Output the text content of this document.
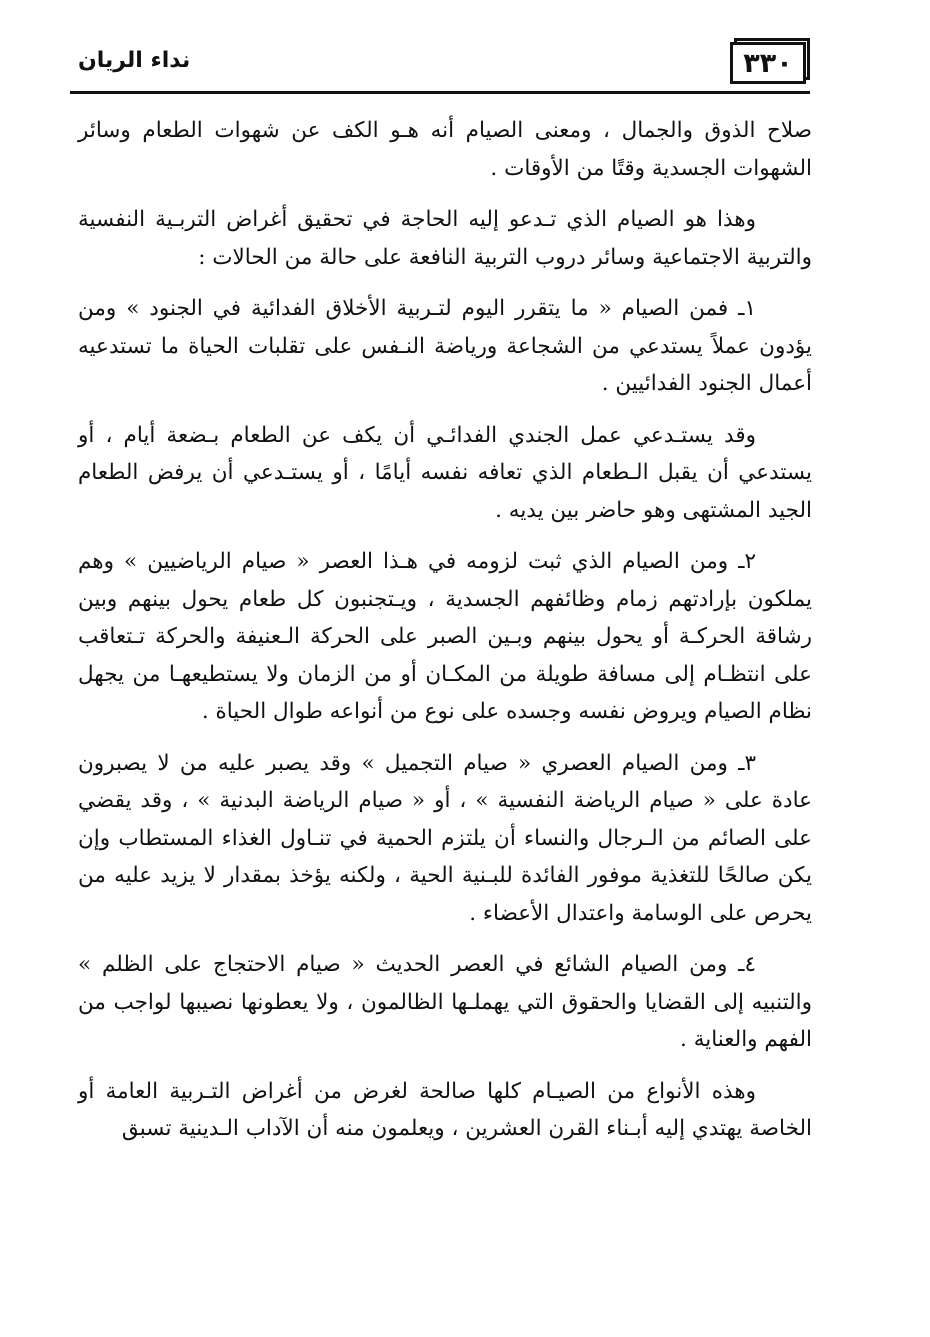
٣٣٠
نداء الريان

صلاح الذوق والجمال ، ومعنى الصيام أنه هـو الكف عن شهوات الطعام وسائر الشهوات الجسدية وقتًا من الأوقات .

وهذا هو الصيام الذي تـدعو إليه الحاجة في تحقيق أغراض التربـية النفسية والتربية الاجتماعية وسائر دروب التربية النافعة على حالة من الحالات :

١ـ فمن الصيام « ما يتقرر اليوم لتـربية الأخلاق الفدائية في الجنود » ومن يؤدون عملاً يستدعي من الشجاعة ورياضة النـفس على تقلبات الحياة ما تستدعيه أعمال الجنود الفدائيين .

وقد يستـدعي عمل الجندي الفدائـي أن يكف عن الطعام بـضعة أيام ، أو يستدعي أن يقبل الـطعام الذي تعافه نفسه أيامًا ، أو يستـدعي أن يرفض الطعام الجيد المشتهى وهو حاضر بين يديه .

٢ـ ومن الصيام الذي ثبت لزومه في هـذا العصر « صيام الرياضيين » وهم يملكون بإرادتهم زمام وظائفهم الجسدية ، ويـتجنبون كل طعام يحول بينهم وبين رشاقة الحركـة أو يحول بينهم وبـين الصبر على الحركة الـعنيفة والحركة تـتعاقب على انتظـام إلى مسافة طويلة من المكـان أو من الزمان ولا يستطيعهـا من يجهل نظام الصيام ويروض نفسه وجسده على نوع من أنواعه طوال الحياة .

٣ـ ومن الصيام العصري « صيام التجميل » وقد يصبر عليه من لا يصبرون عادة على « صيام الرياضة النفسية » ، أو « صيام الرياضة البدنية » ، وقد يقضي على الصائم من الـرجال والنساء أن يلتزم الحمية في تنـاول الغذاء المستطاب وإن يكن صالحًا للتغذية موفور الفائدة للبـنية الحية ، ولكنه يؤخذ بمقدار لا يزيد عليه من يحرص على الوسامة واعتدال الأعضاء .

٤ـ ومن الصيام الشائع في العصر الحديث « صيام الاحتجاج على الظلم » والتنبيه إلى القضايا والحقوق التي يهملـها الظالمون ، ولا يعطونها نصيبها لواجب من الفهم والعناية .

وهذه الأنواع من الصيـام كلها صالحة لغرض من أغراض التـربية العامة أو الخاصة يهتدي إليه أبـناء القرن العشرين ، ويعلمون منه أن الآداب الـدينية تسبق
